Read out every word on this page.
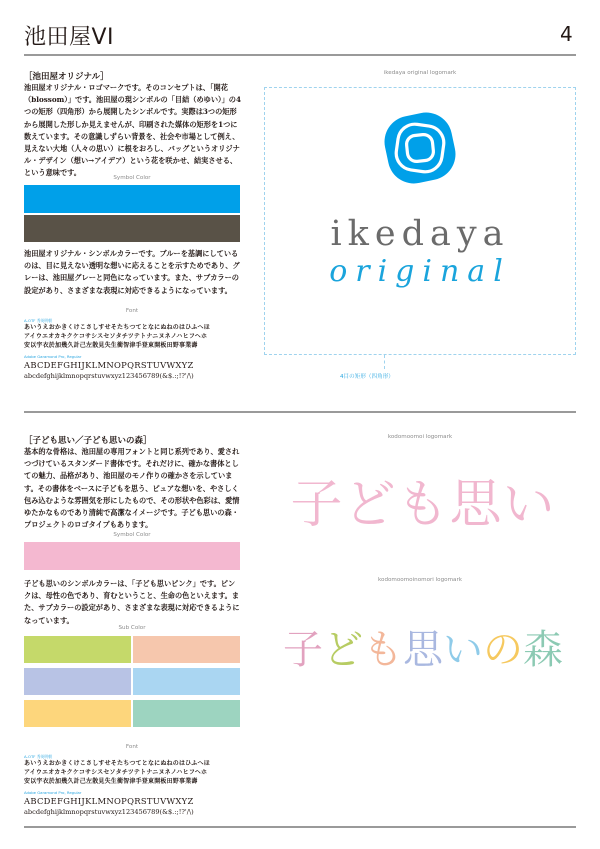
池田屋VI	4
［池田屋オリジナル］
池田屋オリジナル・ロゴマークです。そのコンセプトは、「開花（blossom）」です。池田屋の現シンボルの「目結（めゆい）」の4つの矩形（四角形）から展開したシンボルです。実際は3つの矩形から展開した形しか見えませんが、印刷された媒体の矩形を1つに数えています。その意識しずらい背景を、社会や市場として例え、見えない大地（人々の思い）に根をおろし、バッグというオリジナル・デザイン（想い→アイデア）という花を咲かせ、結実させる、という意味です。
Symbol Color
池田屋オリジナル・シンボルカラーです。ブルーを基調にしているのは、目に見えない透明な想いに応えることを示すためであり、グレーは、池田屋グレーと同色になっています。また、サブカラーの設定があり、さまざまな表現に対応できるようになっています。
Font
A-OTF 秀英明朝
あいうえおかきくけこさしすせそたちつてとなにぬねのはひふへほ
アイウエオカキクケコサシスセソタチツテトナニヌネノハヒフヘホ
安以宇衣於加幾久計己左散見失生衝智津手登東開板田野事業壽
Adobe Garamond Pro, Regular
ABCDEFGHIJKLMNOPQRSTUVWXYZ
abcdefghijklmnopqrstuvwxyz123456789(&$.:;!?'/\)
ikedaya original logomark
ikedaya
original
4目の矩形（四角形）
［子ども思い／子ども思いの森］
基本的な骨格は、池田屋の専用フォントと同じ系列であり、愛されつづけているスタンダード書体です。それだけに、確かな書体としての魅力、品格があり、池田屋のモノ作りの確かさを示しています。その書体をベースに子どもを思う、ピュアな想いを、やさしく包み込むような雰囲気を形にしたもので、その形状や色彩は、愛情ゆたかなものであり清純で高潔なイメージです。子ども思いの森・プロジェクトのロゴタイプもあります。
Symbol Color
子ども思いのシンボルカラーは、「子ども思いピンク」です。ピンクは、母性の色であり、育むということ、生命の色といえます。また、サブカラーの設定があり、さまざまな表現に対応できるようになっています。
Sub Color
Font
A-OTF 秀英明朝
あいうえおかきくけこさしすせそたちつてとなにぬねのはひふへほ
アイウエオカキクケコサシスセソタチツテトナニヌネノハヒフヘホ
安以宇衣於加幾久計己左散見失生衝智津手登東開板田野事業壽
Adobe Garamond Pro, Regular
ABCDEFGHIJKLMNOPQRSTUVWXYZ
abcdefghijklmnopqrstuvwxyz123456789(&$.:;!?'/\)
kodomoomoi logomark
子ども思い
kodomoomoinomori logomark
子ども思いの森
